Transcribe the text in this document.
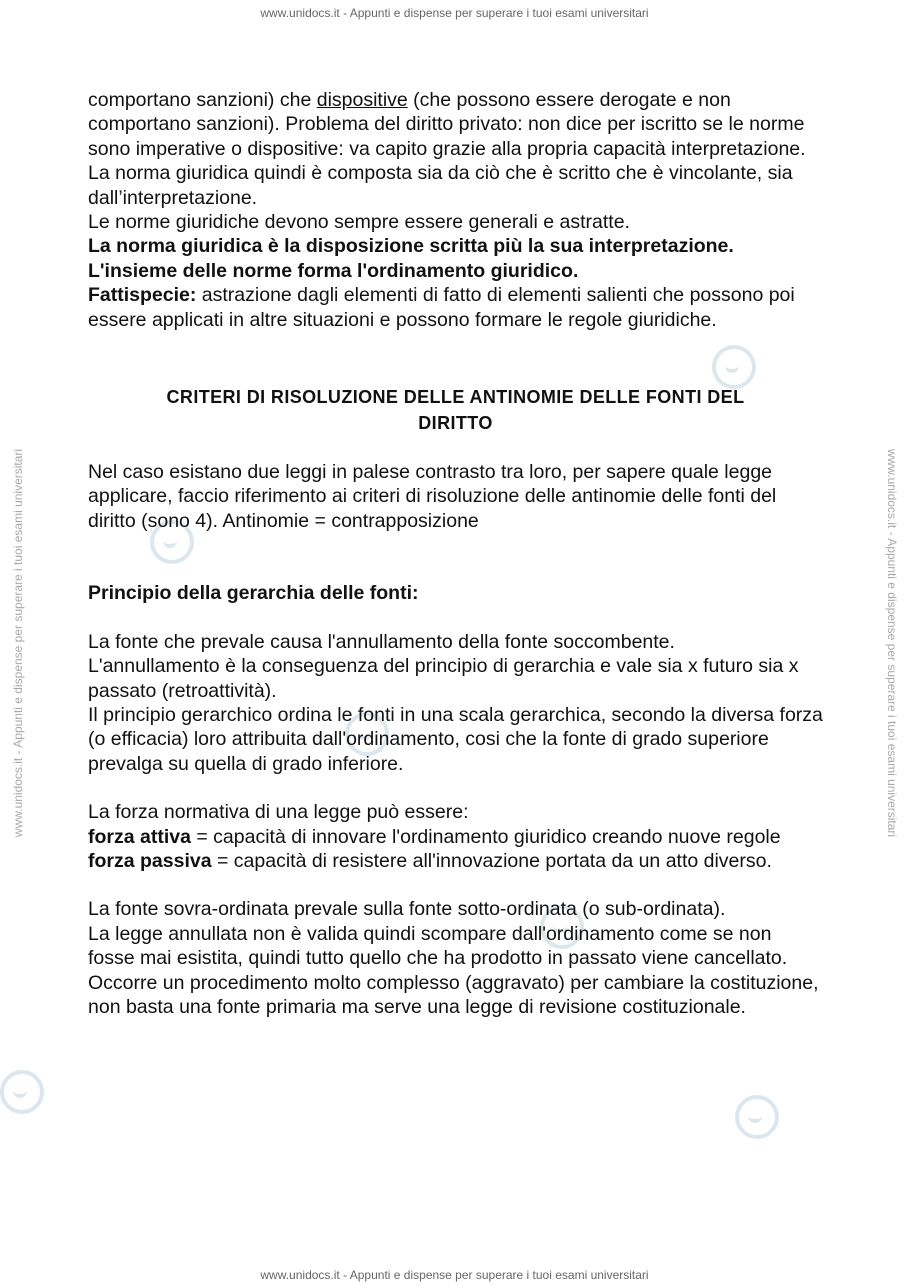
www.unidocs.it - Appunti e dispense per superare i tuoi esami universitari
www.unidocs.it - Appunti e dispense per superare i tuoi esami universitari	www.unidocs.it - Appunti e dispense per superare i tuoi esami universitari

comportano sanzioni) che dispositive (che possono essere derogate e non comportano sanzioni). Problema del diritto privato: non dice per iscritto se le norme sono imperative o dispositive: va capito grazie alla propria capacità interpretazione. La norma giuridica quindi è composta sia da ciò che è scritto che è vincolante, sia dall’interpretazione.

Le norme giuridiche devono sempre essere generali e astratte.

La norma giuridica è la disposizione scritta più la sua interpretazione.

L'insieme delle norme forma l'ordinamento giuridico.

Fattispecie: astrazione dagli elementi di fatto di elementi salienti che possono poi essere applicati in altre situazioni e possono formare le regole giuridiche.

CRITERI DI RISOLUZIONE DELLE ANTINOMIE DELLE FONTI DEL
DIRITTO

Nel caso esistano due leggi in palese contrasto tra loro, per sapere quale legge applicare, faccio riferimento ai criteri di risoluzione delle antinomie delle fonti del diritto (sono 4). Antinomie = contrapposizione

Principio della gerarchia delle fonti:

La fonte che prevale causa l'annullamento della fonte soccombente.

L'annullamento è la conseguenza del principio di gerarchia e vale sia x futuro sia x passato (retroattività).

Il principio gerarchico ordina le fonti in una scala gerarchica, secondo la diversa forza (o efficacia) loro attribuita dall'ordinamento, cosi che la fonte di grado superiore prevalga su quella di grado inferiore.

La forza normativa di una legge può essere:

forza attiva = capacità di innovare l'ordinamento giuridico creando nuove regole

forza passiva = capacità di resistere all'innovazione portata da un atto diverso.

La fonte sovra-ordinata prevale sulla fonte sotto-ordinata (o sub-ordinata).

La legge annullata non è valida quindi scompare dall'ordinamento come se non fosse mai esistita, quindi tutto quello che ha prodotto in passato viene cancellato.

Occorre un procedimento molto complesso (aggravato) per cambiare la costituzione, non basta una fonte primaria ma serve una legge di revisione costituzionale.

www.unidocs.it - Appunti e dispense per superare i tuoi esami universitari
